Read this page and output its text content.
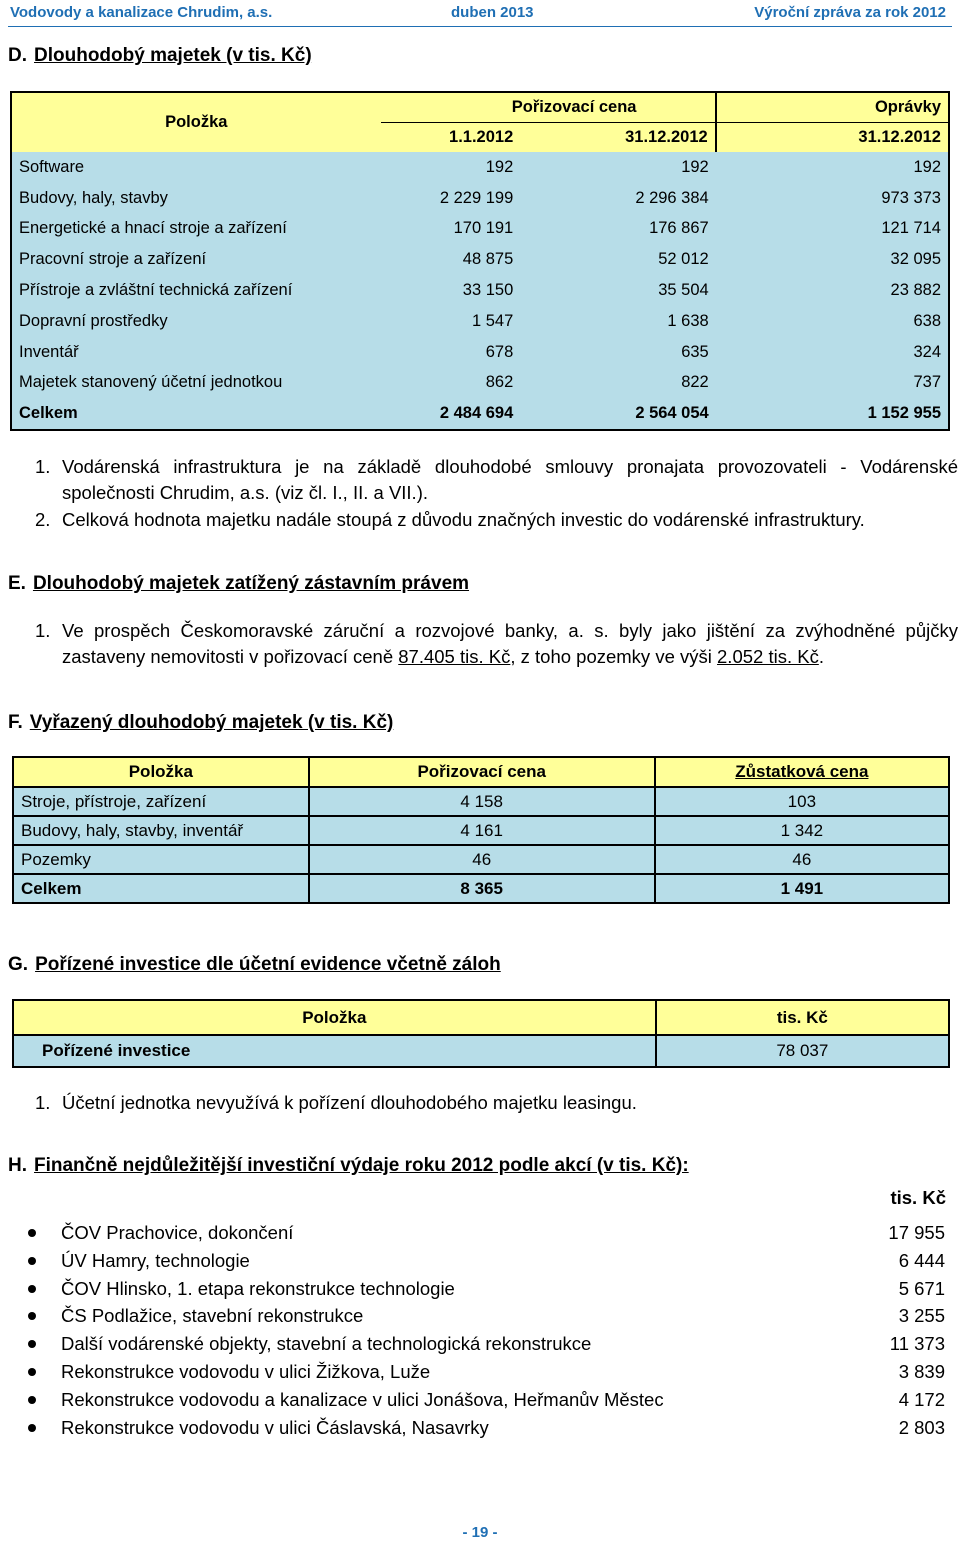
Vodovody a kanalizace Chrudim, a.s.	duben 2013	Výroční zpráva za rok 2012
D. Dlouhodobý majetek (v tis. Kč)
Položka	Pořizovací cena		Oprávky
	1.1.2012	31.12.2012	31.12.2012
Software	192	192	192
Budovy, haly, stavby	2 229 199	2 296 384	973 373
Energetické a hnací stroje a zařízení	170 191	176 867	121 714
Pracovní stroje a zařízení	48 875	52 012	32 095
Přístroje a zvláštní technická zařízení	33 150	35 504	23 882
Dopravní prostředky	1 547	1 638	638
Inventář	678	635	324
Majetek stanovený účetní jednotkou	862	822	737
Celkem	2 484 694	2 564 054	1 152 955
1. Vodárenská infrastruktura je na základě dlouhodobé smlouvy pronajata provozovateli - Vodárenské
společnosti Chrudim, a.s. (viz čl. I., II. a VII.).
2. Celková hodnota majetku nadále stoupá z důvodu značných investic do vodárenské infrastruktury.
E. Dlouhodobý majetek zatížený zástavním právem
1. Ve prospěch Českomoravské záruční a rozvojové banky, a. s. byly jako jištění za zvýhodněné půjčky
zastaveny nemovitosti v pořizovací ceně 87.405 tis. Kč, z toho pozemky ve výši 2.052 tis. Kč.
F. Vyřazený dlouhodobý majetek (v tis. Kč)
Položka	Pořizovací cena	Zůstatková cena
Stroje, přístroje, zařízení	4 158	103
Budovy, haly, stavby, inventář	4 161	1 342
Pozemky	46	46
Celkem	8 365	1 491
G. Pořízené investice dle účetní evidence včetně záloh
Položka	tis. Kč
Pořízené investice	78 037
1. Účetní jednotka nevyužívá k pořízení dlouhodobého majetku leasingu.
H. Finančně nejdůležitější investiční výdaje roku 2012 podle akcí (v tis. Kč):
tis. Kč
ČOV Prachovice, dokončení	17 955
ÚV Hamry, technologie	6 444
ČOV Hlinsko, 1. etapa rekonstrukce technologie	5 671
ČS Podlažice, stavební rekonstrukce	3 255
Další vodárenské objekty, stavební a technologická rekonstrukce	11 373
Rekonstrukce vodovodu v ulici Žižkova, Luže	3 839
Rekonstrukce vodovodu a kanalizace v ulici Jonášova, Heřmanův Městec	4 172
Rekonstrukce vodovodu v ulici Čáslavská, Nasavrky	2 803
- 19 -
